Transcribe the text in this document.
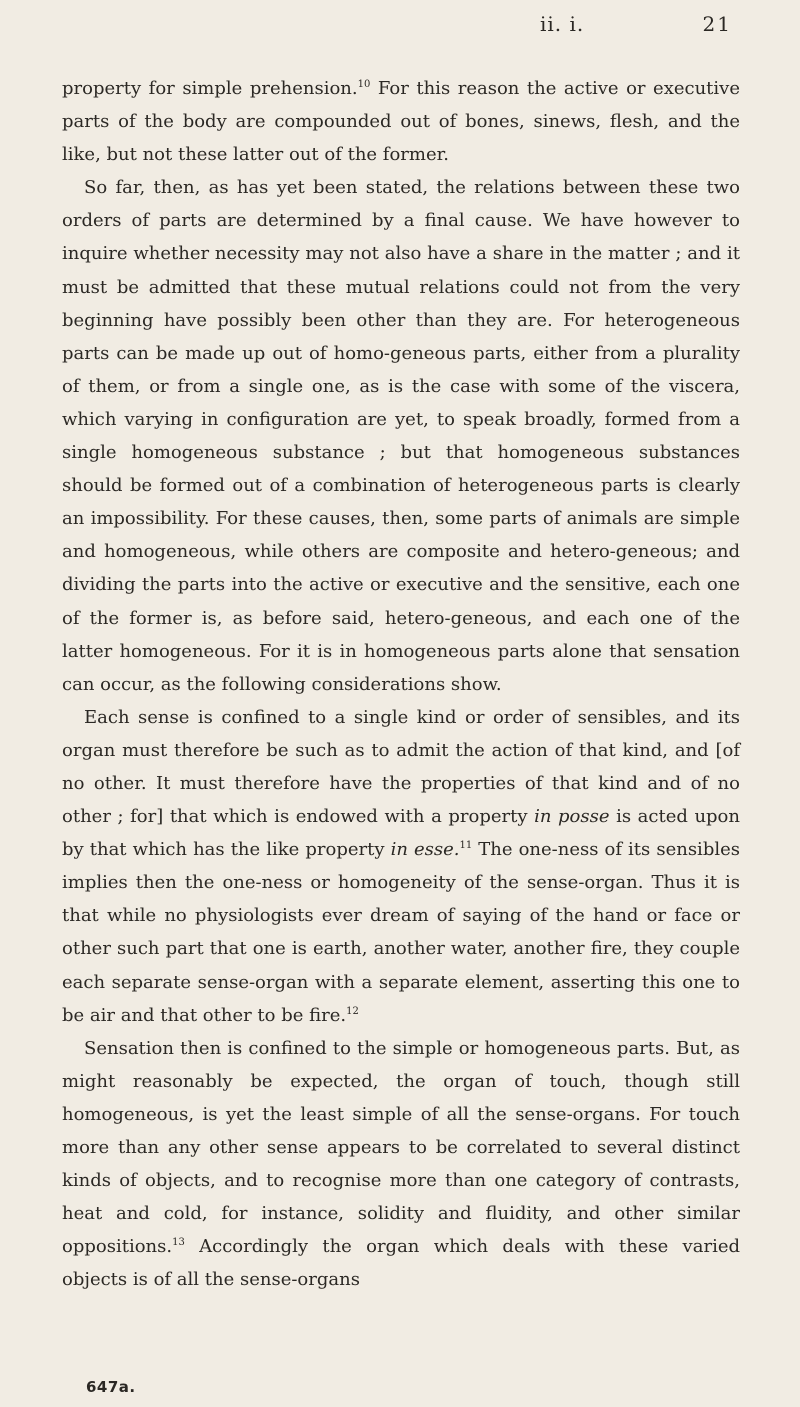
ii. i.	21

property for simple prehension.$^{10}$ For this reason the active or executive parts of the body are compounded out of bones, sinews, flesh, and the like, but not these latter out of the former.

So far, then, as has yet been stated, the relations between these two orders of parts are determined by a final cause. We have however to inquire whether necessity may not also have a share in the matter ; and it must be admitted that these mutual relations could not from the very beginning have possibly been other than they are. For heterogeneous parts can be made up out of homo-geneous parts, either from a plurality of them, or from a single one, as is the case with some of the viscera, which varying in configuration are yet, to speak broadly, formed from a single homogeneous substance ; but that homogeneous substances should be formed out of a combination of heterogeneous parts is clearly an impossibility. For these causes, then, some parts of animals are simple and homogeneous, while others are composite and hetero-geneous; and dividing the parts into the active or executive and the sensitive, each one of the former is, as before said, hetero-geneous, and each one of the latter homogeneous. For it is in homogeneous parts alone that sensation can occur, as the following considerations show.

Each sense is confined to a single kind or order of sensibles, and its organ must therefore be such as to admit the action of that kind, and [of no other. It must therefore have the properties of that kind and of no other ; for] that which is endowed with a property in posse is acted upon by that which has the like property in esse.$^{11}$ The one-ness of its sensibles implies then the one-ness or homogeneity of the sense-organ. Thus it is that while no physiologists ever dream of saying of the hand or face or other such part that one is earth, another water, another fire, they couple each separate sense-organ with a separate element, asserting this one to be air and that other to be fire.$^{12}$

Sensation then is confined to the simple or homogeneous parts. But, as might reasonably be expected, the organ of touch, though still homogeneous, is yet the least simple of all the sense-organs. For touch more than any other sense appears to be correlated to several distinct kinds of objects, and to recognise more than one category of contrasts, heat and cold, for instance, solidity and fluidity, and other similar oppositions.$^{13}$ Accordingly the organ which deals with these varied objects is of all the sense-organs

647a.
